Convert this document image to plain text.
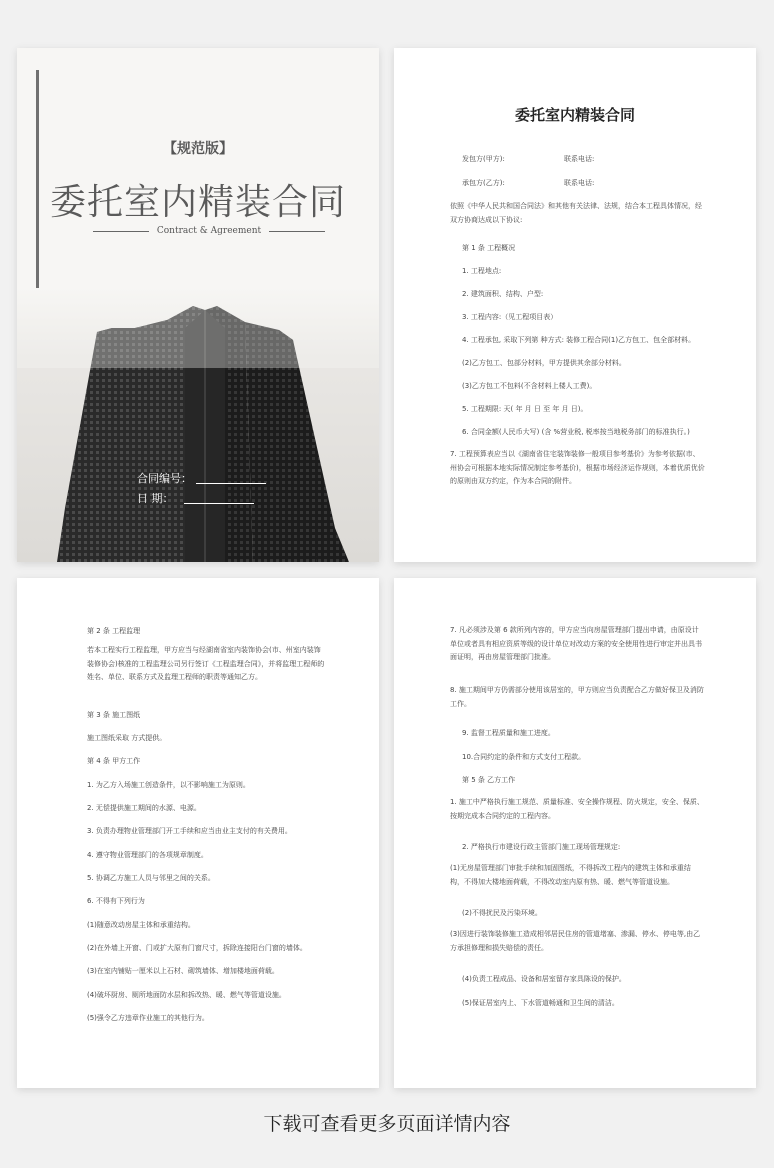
【规范版】
委托室内精装合同
Contract & Agreement
合同编号：
日 期：
委托室内精装合同
发包方(甲方):	联系电话:
承包方(乙方):	联系电话:
依照《中华人民共和国合同法》和其他有关法律、法规，结合本工程具体情况，经双方协商达成以下协议:
第 1 条 工程概况
1. 工程地点:
2. 建筑面积、结构、户型:
3. 工程内容:（见工程项目表）
4. 工程承包, 采取下列第 种方式: 装修工程合同(1)乙方包工、包全部材料。
(2)乙方包工、包部分材料，甲方提供其余部分材料。
(3)乙方包工不包料(不含材料上楼人工费)。
5. 工程期限: 天( 年 月 日 至 年 月 日)。
6. 合同金额(人民币大写) (含 %营业税, 税率按当地税务部门的标准执行。)
7. 工程预算表应当以《湖南省住宅装饰装修一般项目参考基价》为参考依据(市、州协会可根据本地实际情况制定参考基价)，根据市场经济运作规则，本着优质优价的原则由双方约定，作为本合同的附件。
第 2 条 工程监理
若本工程实行工程监理，甲方应当与经湖南省室内装饰协会(市、州室内装饰装修协会)核准的工程监理公司另行签订《工程监理合同》，并将监理工程师的姓名、单位、联系方式及监理工程师的职责等通知乙方。
第 3 条 施工图纸
施工图纸采取 方式提供。
第 4 条 甲方工作
1. 为乙方入场施工创造条件，以不影响施工为原则。
2. 无偿提供施工期间的水源、电源。
3. 负责办理物业管理部门开工手续和应当由业主支付的有关费用。
4. 遵守物业管理部门的各项规章制度。
5. 协调乙方施工人员与邻里之间的关系。
6. 不得有下列行为
(1)随意改动房屋主体和承重结构。
(2)在外墙上开窗、门或扩大原有门窗尺寸，拆除连接阳台门窗的墙体。
(3)在室内铺贴一厘米以上石材、砌筑墙体、增加楼地面荷载。
(4)破坏厨房、厕所地面防水层和拆改热、暖、燃气等管道设施。
(5)强令乙方违章作业施工的其他行为。
7. 凡必须涉及第 6 款所列内容的，甲方应当向房屋管理部门提出申请，由原设计单位或者具有相应资质等级的设计单位对改动方案的安全使用性进行审定并出具书面证明，再由房屋管理部门批准。
8. 施工期间甲方仍需部分使用该居室的，甲方则应当负责配合乙方做好保卫及消防工作。
9. 监督工程质量和施工进度。
10.合同约定的条件和方式支付工程款。
第 5 条 乙方工作
1. 施工中严格执行施工规范、质量标准、安全操作规程、防火规定，安全、保质、按期完成本合同约定的工程内容。
2. 严格执行市建设行政主管部门施工现场管理规定:
(1)无房屋管理部门审批手续和加固图纸，不得拆改工程内的建筑主体和承重结构，不得加大楼地面荷载，不得改动室内原有热、暖、燃气等管道设施。
(2)不得扰民及污染环境。
(3)因进行装饰装修施工造成相邻居民住房的管道堵塞、渗漏、停水、停电等,由乙方承担修理和损失赔偿的责任。
(4)负责工程成品、设备和居室留存家具陈设的保护。
(5)保证居室内上、下水管道畅通和卫生间的清洁。
下载可查看更多页面详情内容
